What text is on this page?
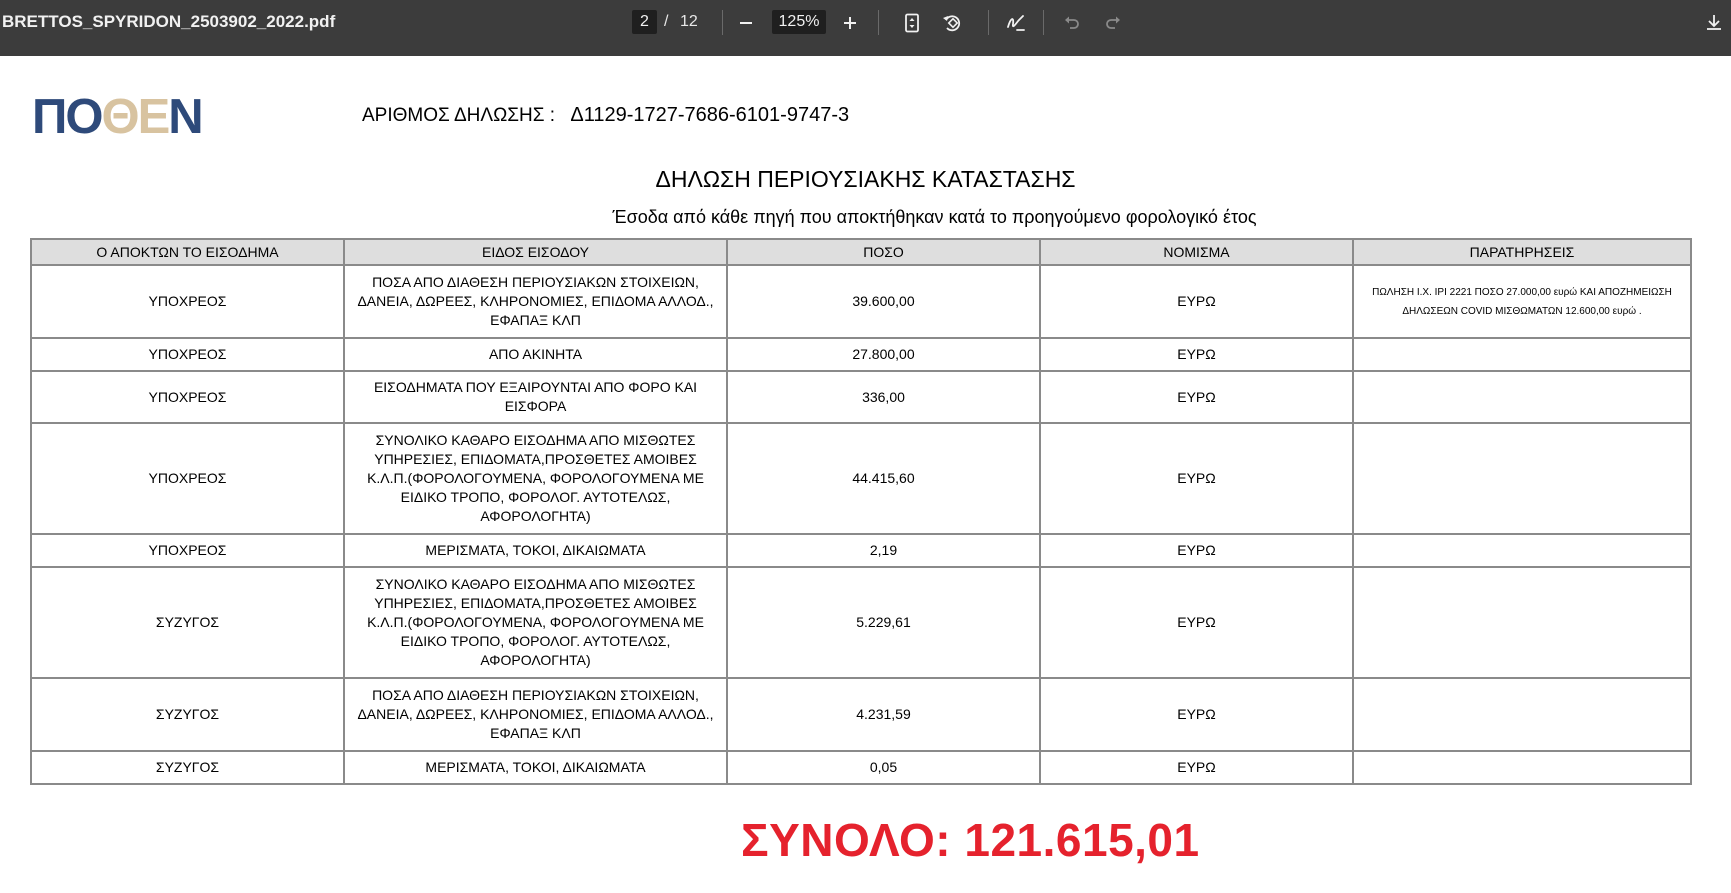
BRETTOS_SPYRIDON_2503902_2022.pdf	2 / 12	125%
ΠΟΘΕΝ	ΑΡΙΘΜΟΣ ΔΗΛΩΣΗΣ : Δ1129-1727-7686-6101-9747-3
ΔΗΛΩΣΗ ΠΕΡΙΟΥΣΙΑΚΗΣ ΚΑΤΑΣΤΑΣΗΣ
Έσοδα από κάθε πηγή που αποκτήθηκαν κατά το προηγούμενο φορολογικό έτος
Ο ΑΠΟΚΤΩΝ ΤΟ ΕΙΣΟΔΗΜΑ	ΕΙΔΟΣ ΕΙΣΟΔΟΥ	ΠΟΣΟ	ΝΟΜΙΣΜΑ	ΠΑΡΑΤΗΡΗΣΕΙΣ
ΥΠΟΧΡΕΟΣ	ΠΟΣΑ ΑΠΟ ΔΙΑΘΕΣΗ ΠΕΡΙΟΥΣΙΑΚΩΝ ΣΤΟΙΧΕΙΩΝ, ΔΑΝΕΙΑ, ΔΩΡΕΕΣ, ΚΛΗΡΟΝΟΜΙΕΣ, ΕΠΙΔΟΜΑ ΑΛΛΟΔ., ΕΦΑΠΑΞ ΚΛΠ	39.600,00	ΕΥΡΩ	ΠΩΛΗΣΗ Ι.Χ. ΙΡΙ 2221 ΠΟΣΟ 27.000,00 ευρώ ΚΑΙ ΑΠΟΖΗΜΕΙΩΣΗ ΔΗΛΩΣΕΩΝ COVID ΜΙΣΘΩΜΑΤΩΝ 12.600,00 ευρώ .
ΥΠΟΧΡΕΟΣ	ΑΠΟ ΑΚΙΝΗΤΑ	27.800,00	ΕΥΡΩ	
ΥΠΟΧΡΕΟΣ	ΕΙΣΟΔΗΜΑΤΑ ΠΟΥ ΕΞΑΙΡΟΥΝΤΑΙ ΑΠΟ ΦΟΡΟ ΚΑΙ ΕΙΣΦΟΡΑ	336,00	ΕΥΡΩ	
ΥΠΟΧΡΕΟΣ	ΣΥΝΟΛΙΚΟ ΚΑΘΑΡΟ ΕΙΣΟΔΗΜΑ ΑΠΟ ΜΙΣΘΩΤΕΣ ΥΠΗΡΕΣΙΕΣ, ΕΠΙΔΟΜΑΤΑ,ΠΡΟΣΘΕΤΕΣ ΑΜΟΙΒΕΣ Κ.Λ.Π.(ΦΟΡΟΛΟΓΟΥΜΕΝΑ, ΦΟΡΟΛΟΓΟΥΜΕΝΑ ΜΕ ΕΙΔΙΚΟ ΤΡΟΠΟ, ΦΟΡΟΛΟΓ. ΑΥΤΟΤΕΛΩΣ, ΑΦΟΡΟΛΟΓΗΤΑ)	44.415,60	ΕΥΡΩ	
ΥΠΟΧΡΕΟΣ	ΜΕΡΙΣΜΑΤΑ, ΤΟΚΟΙ, ΔΙΚΑΙΩΜΑΤΑ	2,19	ΕΥΡΩ	
ΣΥΖΥΓΟΣ	ΣΥΝΟΛΙΚΟ ΚΑΘΑΡΟ ΕΙΣΟΔΗΜΑ ΑΠΟ ΜΙΣΘΩΤΕΣ ΥΠΗΡΕΣΙΕΣ, ΕΠΙΔΟΜΑΤΑ,ΠΡΟΣΘΕΤΕΣ ΑΜΟΙΒΕΣ Κ.Λ.Π.(ΦΟΡΟΛΟΓΟΥΜΕΝΑ, ΦΟΡΟΛΟΓΟΥΜΕΝΑ ΜΕ ΕΙΔΙΚΟ ΤΡΟΠΟ, ΦΟΡΟΛΟΓ. ΑΥΤΟΤΕΛΩΣ, ΑΦΟΡΟΛΟΓΗΤΑ)	5.229,61	ΕΥΡΩ	
ΣΥΖΥΓΟΣ	ΠΟΣΑ ΑΠΟ ΔΙΑΘΕΣΗ ΠΕΡΙΟΥΣΙΑΚΩΝ ΣΤΟΙΧΕΙΩΝ, ΔΑΝΕΙΑ, ΔΩΡΕΕΣ, ΚΛΗΡΟΝΟΜΙΕΣ, ΕΠΙΔΟΜΑ ΑΛΛΟΔ., ΕΦΑΠΑΞ ΚΛΠ	4.231,59	ΕΥΡΩ	
ΣΥΖΥΓΟΣ	ΜΕΡΙΣΜΑΤΑ, ΤΟΚΟΙ, ΔΙΚΑΙΩΜΑΤΑ	0,05	ΕΥΡΩ	
ΣΥΝΟΛΟ: 121.615,01
